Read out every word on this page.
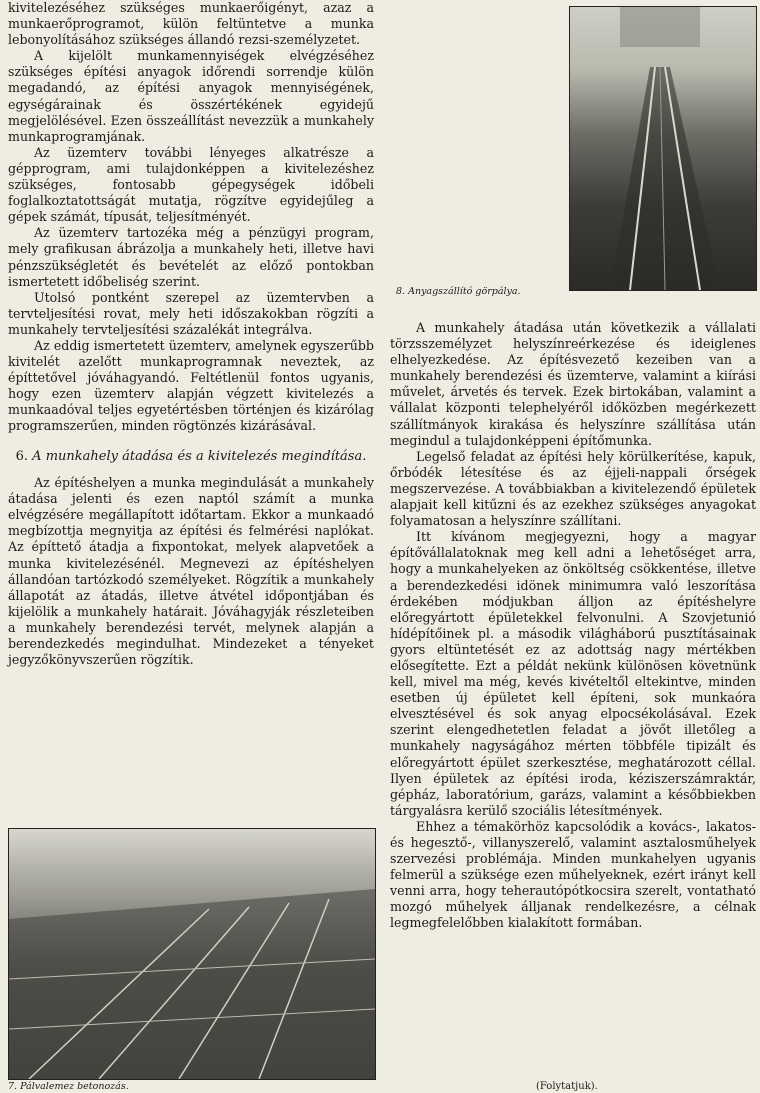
kivitelezéséhez szükséges munkaerőigényt, azaz a munkaerőprogramot, külön feltüntetve a munka lebonyolításához szükséges állandó rezsi-személyzetet.

A kijelölt munkamennyiségek elvégzéséhez szükséges építési anyagok időrendi sorrendje külön megadandó, az építési anyagok mennyiségének, egységárainak és összértékének egyidejű megjelölésével. Ezen összeállítást nevezzük a munkahely munkaprogramjának.

Az üzemterv további lényeges alkatrésze a gépprogram, ami tulajdonképpen a kivitelezéshez szükséges, fontosabb gépegységek időbeli foglalkoztatottságát mutatja, rögzítve egyidejűleg a gépek számát, típusát, teljesítményét.

Az üzemterv tartozéka még a pénzügyi program, mely grafikusan ábrázolja a munkahely heti, illetve havi pénzszükségletét és bevételét az előző pontokban ismertetett időbeliség szerint.

Utolsó pontként szerepel az üzemtervben a tervteljesítési rovat, mely heti időszakokban rögzíti a munkahely tervteljesítési százalékát integrálva.

Az eddig ismertetett üzemterv, amelynek egyszerűbb kivitelét azelőtt munkaprogramnak neveztek, az építtetővel jóváhagyandó. Feltétlenül fontos ugyanis, hogy ezen üzemterv alapján végzett kivitelezés a munkaadóval teljes egyetértésben történjen és kizárólag programszerűen, minden rögtönzés kizárásával.

6. A munkahely átadása és a kivitelezés megindítása.

Az építéshelyen a munka megindulását a munkahely átadása jelenti és ezen naptól számít a munka elvégzésére megállapított időtartam. Ekkor a munkaadó megbízottja megnyitja az építési és felmérési naplókat. Az építtető átadja a fixpontokat, melyek alapvetőek a munka kivitelezésénél. Megnevezi az építéshelyen állandóan tartózkodó személyeket. Rögzítik a munkahely állapotát az átadás, illetve átvétel időpontjában és kijelölik a munkahely határait. Jóváhagyják részleteiben a munkahely berendezési tervét, melynek alapján a berendezkedés megindulhat. Mindezeket a tényeket jegyzőkönyvszerűen rögzítik.

8. Anyagszállító görpálya.

A munkahely átadása után következik a vállalati törzsszemélyzet helyszínreérkezése és ideiglenes elhelyezkedése. Az építésvezető kezeiben van a munkahely berendezési és üzemterve, valamint a kiírási művelet, árvetés és tervek. Ezek birtokában, valamint a vállalat központi telephelyéről időközben megérkezett szállítmányok kirakása és helyszínre szállítása után megindul a tulajdonképpeni építőmunka.

Legelső feladat az építési hely körülkerítése, kapuk, őrbódék létesítése és az éjjeli-nappali őrségek megszervezése. A továbbiakban a kivitelezendő épületek alapjait kell kitűzni és az ezekhez szükséges anyagokat folyamatosan a helyszínre szállítani.

Itt kívánom megjegyezni, hogy a magyar építővállalatoknak meg kell adni a lehetőséget arra, hogy a munkahelyeken az önköltség csökkentése, illetve a berendezkedési idönek minimumra való leszorítása érdekében módjukban álljon az építéshelyre előregyártott épületekkel felvonulni. A Szovjetunió hídépítőinek pl. a második világháború pusztításainak gyors eltüntetését ez az adottság nagy mértékben elősegítette. Ezt a példát nekünk különösen követnünk kell, mivel ma még, kevés kivételtől eltekintve, minden esetben új épületet kell építeni, sok munkaóra elvesztésével és sok anyag elpocsékolásával. Ezek szerint elengedhetetlen feladat a jövőt illetőleg a munkahely nagyságához mérten többféle tipizált és előregyártott épület szerkesztése, meghatározott céllal. Ilyen épületek az építési iroda, kéziszerszámraktár, gépház, laboratórium, garázs, valamint a későbbiekben tárgyalásra kerülő szociális létesítmények.

Ehhez a témakörhöz kapcsolódik a kovács-, lakatos- és hegesztő-, villanyszerelő, valamint asztalosműhelyek szervezési problémája. Minden munkahelyen ugyanis felmerül a szüksége ezen műhelyeknek, ezért irányt kell venni arra, hogy teherautópótkocsira szerelt, vontatható mozgó műhelyek álljanak rendelkezésre, a célnak legmegfelelőbben kialakított formában.

7. Pálvalemez betonozás.	(Folytatjuk).
